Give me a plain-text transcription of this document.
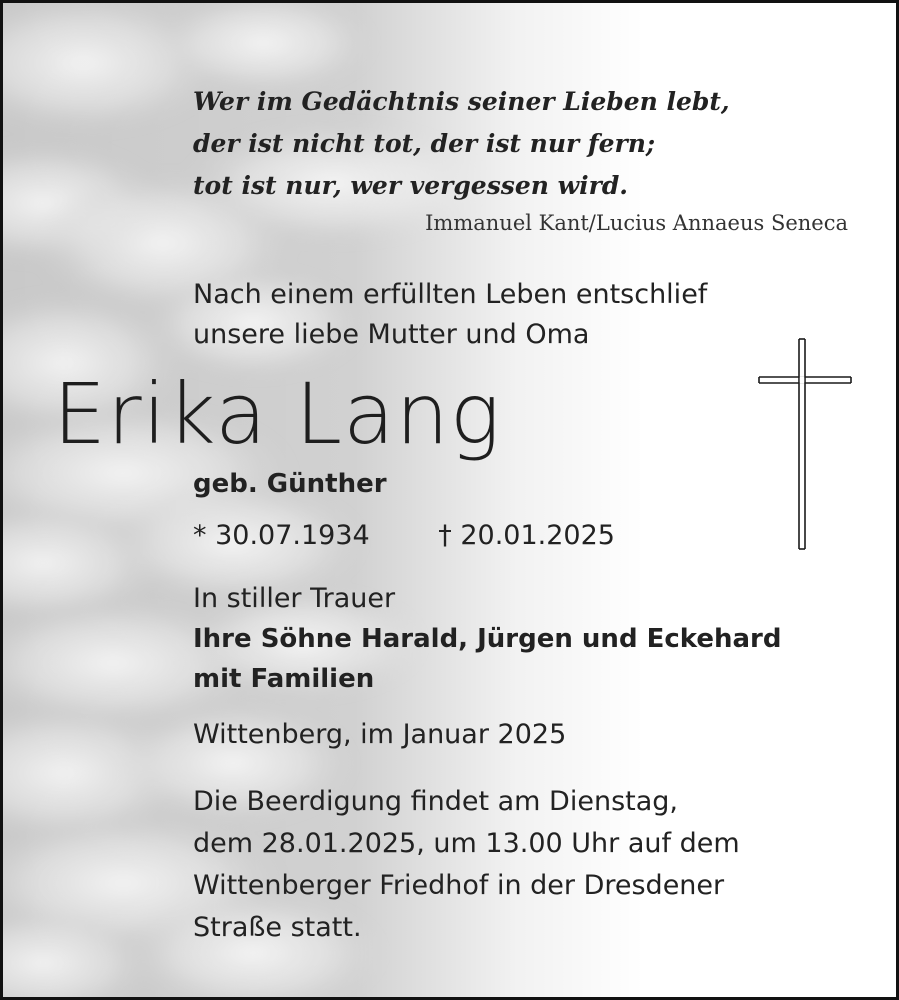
Wer im Gedächtnis seiner Lieben lebt,
der ist nicht tot, der ist nur fern;
tot ist nur, wer vergessen wird.
Immanuel Kant/Lucius Annaeus Seneca
Nach einem erfüllten Leben entschlief
unsere liebe Mutter und Oma
Erika Lang
geb. Günther
* 30.07.1934	† 20.01.2025
In stiller Trauer
Ihre Söhne Harald, Jürgen und Eckehard
mit Familien
Wittenberg, im Januar 2025
Die Beerdigung findet am Dienstag,
dem 28.01.2025, um 13.00 Uhr auf dem
Wittenberger Friedhof in der Dresdener
Straße statt.
